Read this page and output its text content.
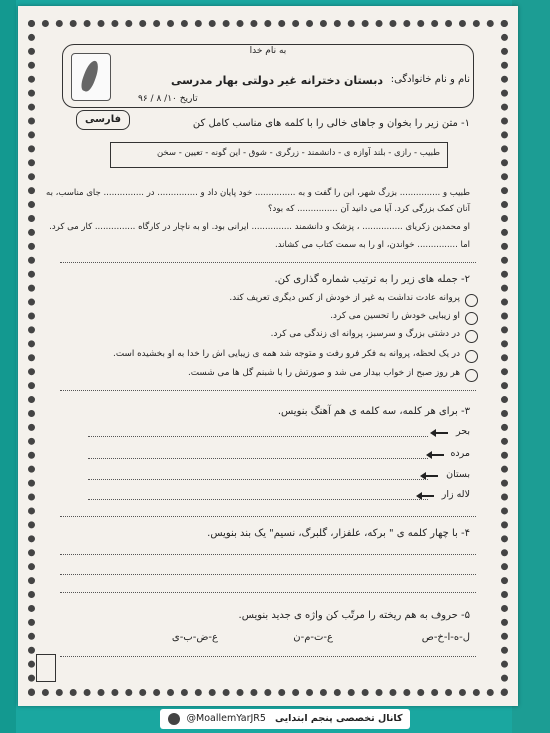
به نام خدا
نام و نام خانوادگی:
دبستان دخترانه غیر دولتی بهار مدرسی
تاریخ ۱۰/ ۸ / ۹۶
فارسی	۱- متن زیر را بخوان و جاهای خالی را با کلمه های مناسب کامل کن
طبیب - رازی - بلند آوازه ی - دانشمند - زرگری - شوق - این گونه - تعیین - سخن
طبیب و ............... بزرگ شهر، ابن را گفت و به ............... خود پایان داد و ............... در ............... جای مناسب، به
آنان کمک بزرگی کرد. آیا می دانید آن ............... که بود؟
او محمدبن زکریای ............... ، پزشک و دانشمند ............... ایرانی بود. او به ناچار در کارگاه ............... کار می کرد.
اما ............... خواندن، او را به سمت کتاب می کشاند.
۲- جمله های زیر را به ترتیب شماره گذاری کن.
پروانه عادت نداشت به غیر از خودش از کس دیگری تعریف کند.
او زیبایی خودش را تحسین می کرد.
در دشتی بزرگ و سرسبز، پروانه ای زندگی می کرد.
در یک لحظه، پروانه به فکر فرو رفت و متوجه شد همه ی زیبایی اش را خدا به او بخشیده است.
هر روز صبح از خواب بیدار می شد و صورتش را با شبنم گل ها می شست.
۳- برای هر کلمه، سه کلمه ی هم آهنگ بنویس.
بحر
مرده
بستان
لاله زار
۴- با چهار کلمه ی " برکه، علفزار، گلبرگ، نسیم" یک بند بنویس.
۵- حروف به هم ریخته را مرتّب کن واژه ی جدید بنویس.
ل-ه-ا-خ-ص
ع-ت-م-ن
ع-ض-ب-ی
@MoallemYarJR5 کانال تخصصی پنجم ابتدایی
